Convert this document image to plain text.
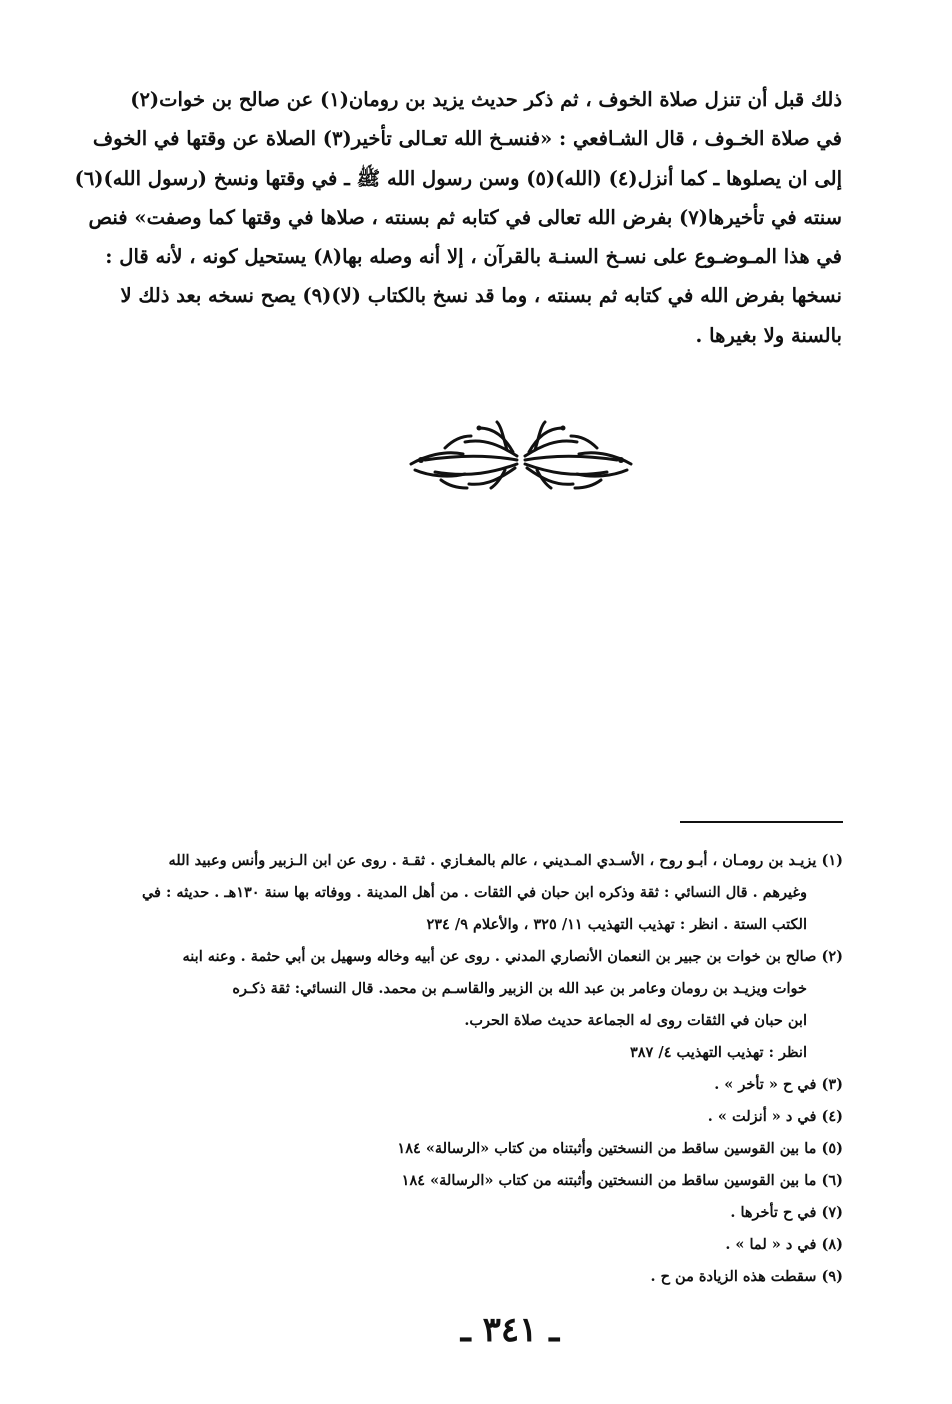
ذلك قبل أن تنزل صلاة الخوف ، ثم ذكر حديث يزيد بن رومان(١) عن صالح بن خوات(٢)
في صلاة الخـوف ، قال الشـافعي : «فنسـخ الله تعـالى تأخير(٣) الصلاة عن وقتها في الخوف
إلى ان يصلوها ـ كما أنزل(٤) (الله)(٥) وسن رسول الله ﷺ ـ في وقتها ونسخ (رسول الله)(٦)
سنته في تأخيرها(٧) بفرض الله تعالى في كتابه ثم بسنته ، صلاها في وقتها كما وصفت» فنص
في هذا المـوضـوع على نسـخ السنـة بالقرآن ، إلا أنه وصله بها(٨) يستحيل كونه ، لأنه قال :
نسخها بفرض الله في كتابه ثم بسنته ، وما قد نسخ بالكتاب (لا)(٩) يصح نسخه بعد ذلك لا
بالسنة ولا بغيرها .
(١) يزيـد بن رومـان ، أبـو روح ، الأسـدي المـديني ، عالم بالمغـازي . ثقـة . روى عن ابن الـزبير وأنس وعبيد الله
وغيرهم . قال النسائي : ثقة وذكره ابن حبان في الثقات . من أهل المدينة . ووفاته بها سنة ١٣٠هـ . حديثه : في
الكتب الستة . انظر : تهذيب التهذيب ١١/ ٣٢٥ ، والأعلام ٩/ ٢٣٤
(٢) صالح بن خوات بن جبير بن النعمان الأنصاري المدني . روى عن أبيه وخاله وسهيل بن أبي حثمة . وعنه ابنه
خوات ويزيـد بن رومان وعامر بن عبد الله بن الزبير والقاسـم بن محمد. قال النسائي: ثقة ذكـره
ابن حبان في الثقات روى له الجماعة حديث صلاة الحرب.
انظر : تهذيب التهذيب ٤/ ٣٨٧
(٣) في ح « تأخر » .
(٤) في د « أنزلت » .
(٥) ما بين القوسين ساقط من النسختين وأثبتناه من كتاب «الرسالة» ١٨٤
(٦) ما بين القوسين ساقط من النسختين وأثبتنه من كتاب «الرسالة» ١٨٤
(٧) في ح تأخرها .
(٨) في د « لما » .
(٩) سقطت هذه الزيادة من ح .
ـ ٣٤١ ـ
